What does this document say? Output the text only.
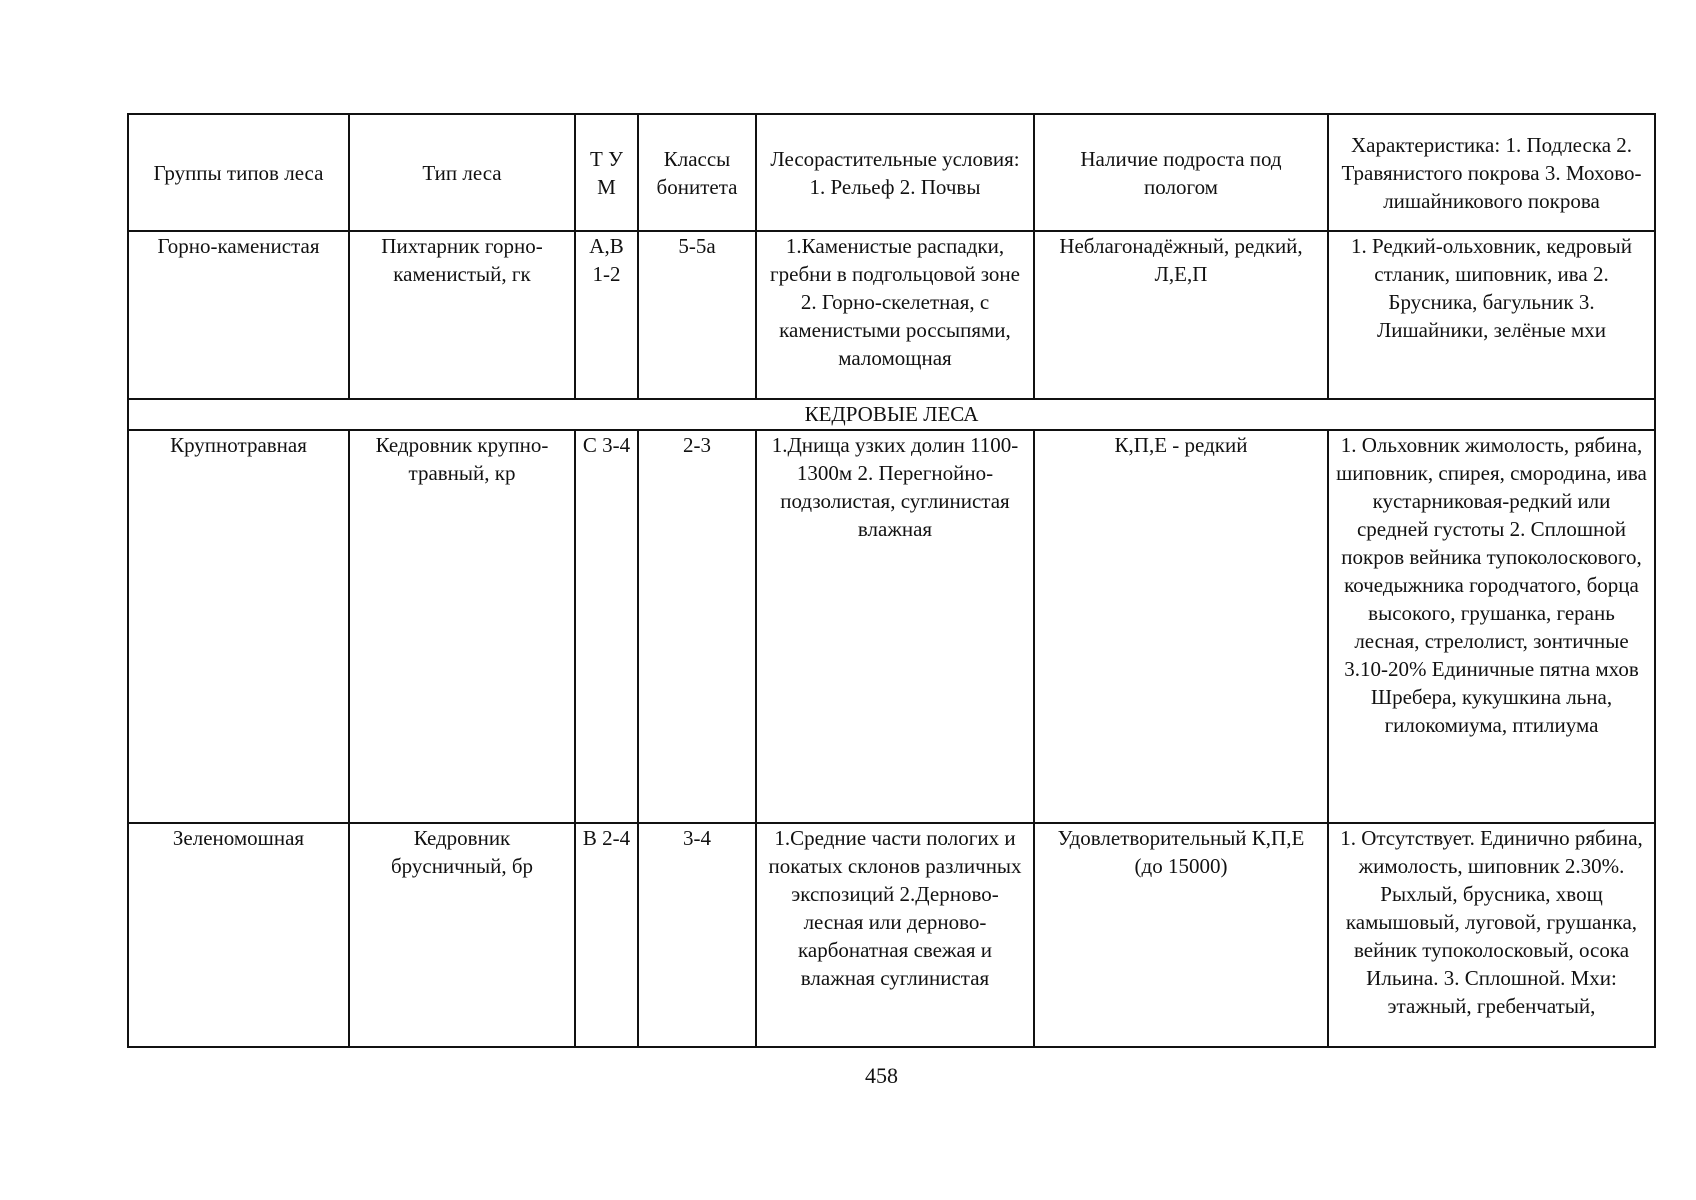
Группы типов леса	Тип леса	Т У М	Классы бонитета	Лесорастительные условия: 1. Рельеф 2. Почвы	Наличие подроста под пологом	Характеристика: 1. Подлеска 2. Травянистого покрова 3. Мохово-лишайникового покрова
Горно-каменистая	Пихтарник горно-каменистый, гк	А,В 1-2	5-5а	1.Каменистые распадки, гребни в подгольцовой зоне 2. Горно-скелетная, с каменистыми россыпями, маломощная	Неблагонадёжный, редкий, Л,Е,П	1. Редкий-ольховник, кедровый стланик, шиповник, ива 2. Брусника, багульник 3. Лишайники, зелёные мхи
КЕДРОВЫЕ ЛЕСА						
Крупнотравная	Кедровник крупно-травный, кр	С 3-4	2-3	1.Днища узких долин 1100-1300м 2. Перегнойно-подзолистая, суглинистая влажная	К,П,Е - редкий	1. Ольховник жимолость, рябина, шиповник, спирея, смородина, ива кустарниковая-редкий или средней густоты 2. Сплошной покров вейника тупоколоскового, кочедыжника городчатого, борца высокого, грушанка, герань лесная, стрелолист, зонтичные 3.10-20% Единичные пятна мхов Шребера, кукушкина льна, гилокомиума, птилиума
Зеленомошная	Кедровник брусничный, бр	В 2-4	3-4	1.Средние части пологих и покатых склонов различных экспозиций 2.Дерново-лесная или дерново-карбонатная свежая и влажная суглинистая	Удовлетворительный К,П,Е (до 15000)	1. Отсутствует. Единично рябина, жимолость, шиповник 2.30%. Рыхлый, брусника, хвощ камышовый, луговой, грушанка, вейник тупоколосковый, осока Ильина. 3. Сплошной. Мхи: этажный, гребенчатый,
458
